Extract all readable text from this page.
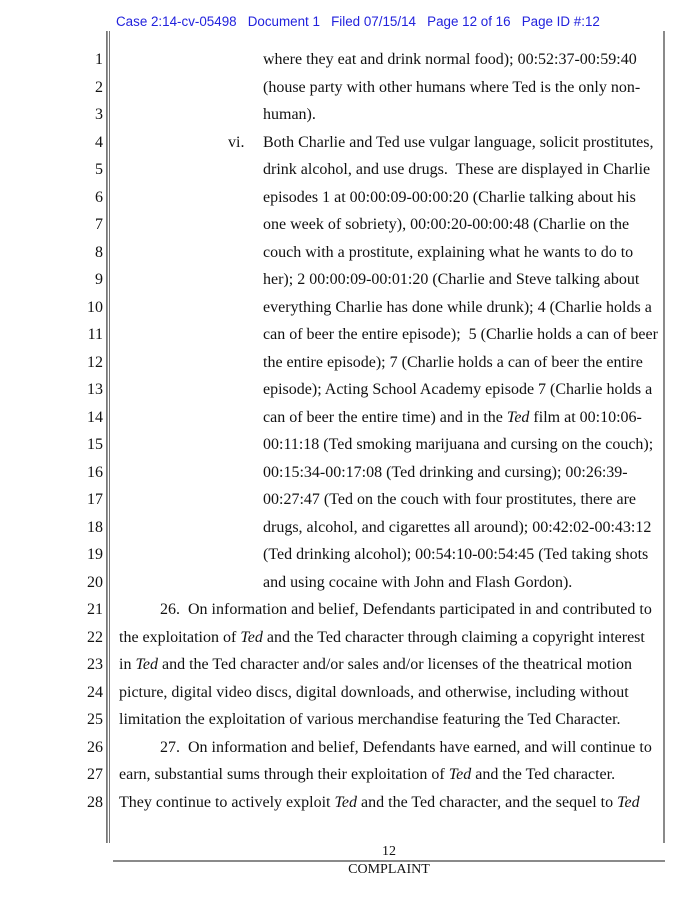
Case 2:14-cv-05498   Document 1   Filed 07/15/14   Page 12 of 16   Page ID #:12
1
2
3
4
5
6
7
8
9
10
11
12
13
14
15
16
17
18
19
20
21
22
23
24
25
26
27
28
where they eat and drink normal food); 00:52:37-00:59:40
(house party with other humans where Ted is the only non-
human).
vi. Both Charlie and Ted use vulgar language, solicit prostitutes,
drink alcohol, and use drugs.  These are displayed in Charlie
episodes 1 at 00:00:09-00:00:20 (Charlie talking about his
one week of sobriety), 00:00:20-00:00:48 (Charlie on the
couch with a prostitute, explaining what he wants to do to
her); 2 00:00:09-00:01:20 (Charlie and Steve talking about
everything Charlie has done while drunk); 4 (Charlie holds a
can of beer the entire episode);  5 (Charlie holds a can of beer
the entire episode); 7 (Charlie holds a can of beer the entire
episode); Acting School Academy episode 7 (Charlie holds a
can of beer the entire time) and in the Ted film at 00:10:06-
00:11:18 (Ted smoking marijuana and cursing on the couch);
00:15:34-00:17:08 (Ted drinking and cursing); 00:26:39-
00:27:47 (Ted on the couch with four prostitutes, there are
drugs, alcohol, and cigarettes all around); 00:42:02-00:43:12
(Ted drinking alcohol); 00:54:10-00:54:45 (Ted taking shots
and using cocaine with John and Flash Gordon).
26.  On information and belief, Defendants participated in and contributed to
the exploitation of Ted and the Ted character through claiming a copyright interest
in Ted and the Ted character and/or sales and/or licenses of the theatrical motion
picture, digital video discs, digital downloads, and otherwise, including without
limitation the exploitation of various merchandise featuring the Ted Character.
27.  On information and belief, Defendants have earned, and will continue to
earn, substantial sums through their exploitation of Ted and the Ted character.
They continue to actively exploit Ted and the Ted character, and the sequel to Ted
12
COMPLAINT
